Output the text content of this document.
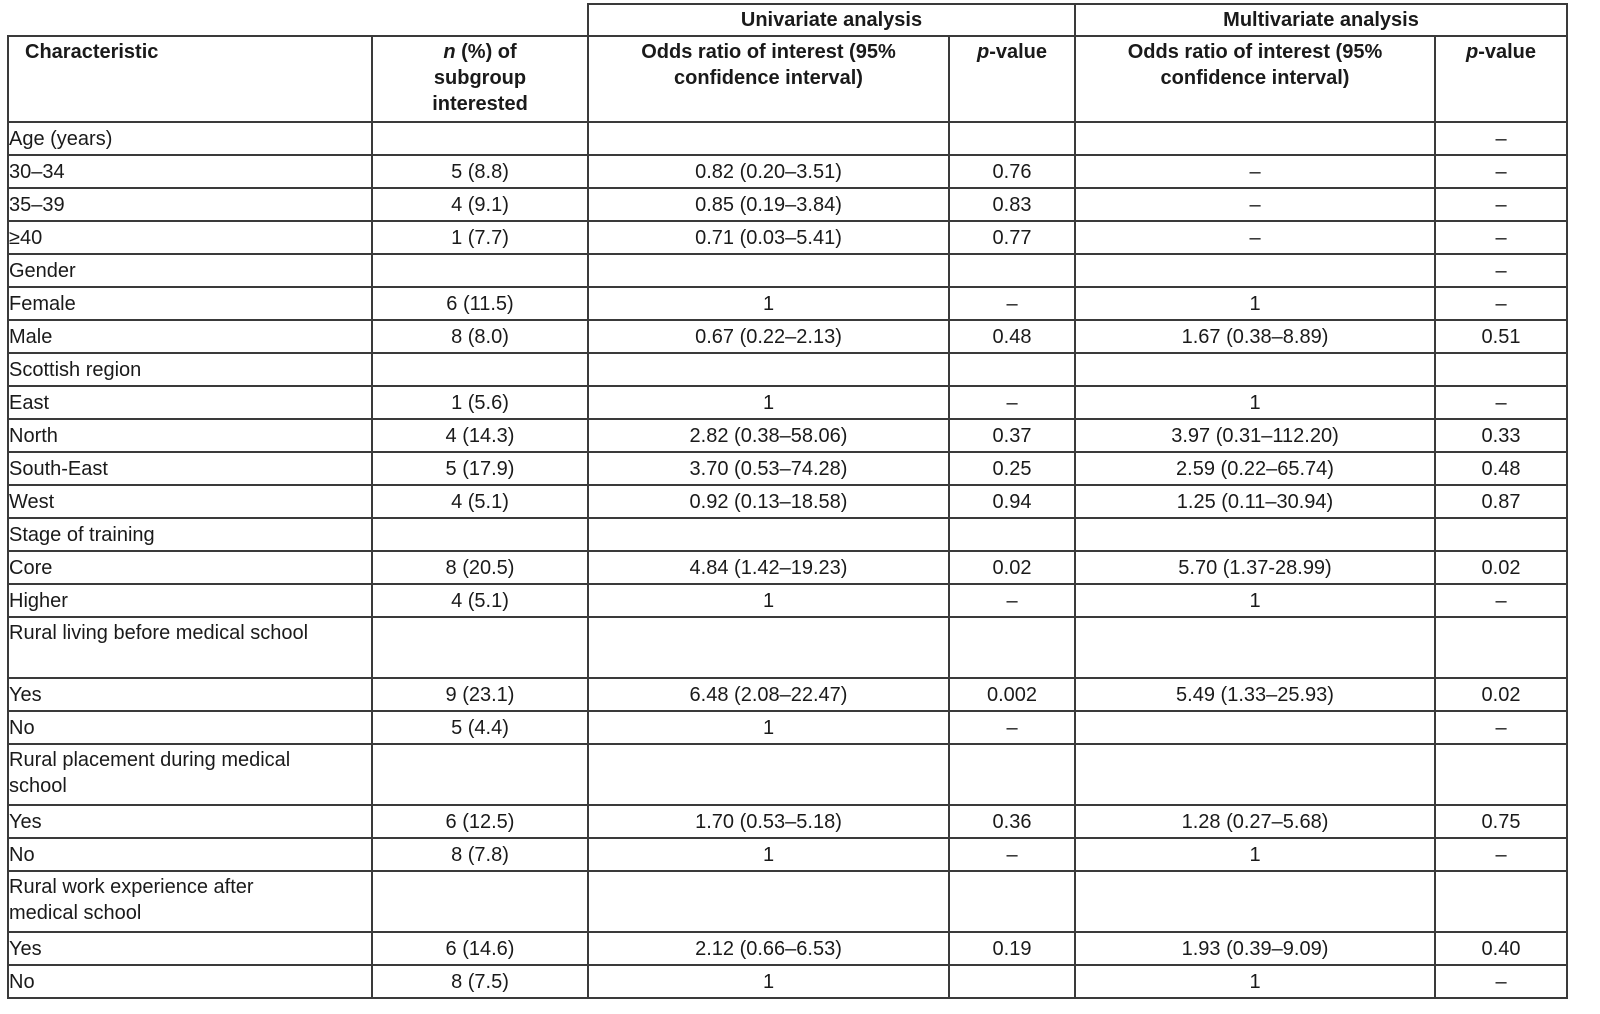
		Univariate analysis		Multivariate analysis	
Characteristic	n (%) of subgroup interested	Odds ratio of interest (95% confidence interval)	p-value	Odds ratio of interest (95% confidence interval)	p-value
Age (years)					–
30–34	5 (8.8)	0.82 (0.20–3.51)	0.76	–	–
35–39	4 (9.1)	0.85 (0.19–3.84)	0.83	–	–
≥40	1 (7.7)	0.71 (0.03–5.41)	0.77	–	–
Gender					–
Female	6 (11.5)	1	–	1	–
Male	8 (8.0)	0.67 (0.22–2.13)	0.48	1.67 (0.38–8.89)	0.51
Scottish region					
East	1 (5.6)	1	–	1	–
North	4 (14.3)	2.82 (0.38–58.06)	0.37	3.97 (0.31–112.20)	0.33
South-East	5 (17.9)	3.70 (0.53–74.28)	0.25	2.59 (0.22–65.74)	0.48
West	4 (5.1)	0.92 (0.13–18.58)	0.94	1.25 (0.11–30.94)	0.87
Stage of training					
Core	8 (20.5)	4.84 (1.42–19.23)	0.02	5.70 (1.37-28.99)	0.02
Higher	4 (5.1)	1	–	1	–
Rural living before medical school					
Yes	9 (23.1)	6.48 (2.08–22.47)	0.002	5.49 (1.33–25.93)	0.02
No	5 (4.4)	1	–		–
Rural placement during medical school					
Yes	6 (12.5)	1.70 (0.53–5.18)	0.36	1.28 (0.27–5.68)	0.75
No	8 (7.8)	1	–	1	–
Rural work experience after medical school					
Yes	6 (14.6)	2.12 (0.66–6.53)	0.19	1.93 (0.39–9.09)	0.40
No	8 (7.5)	1		1	–
